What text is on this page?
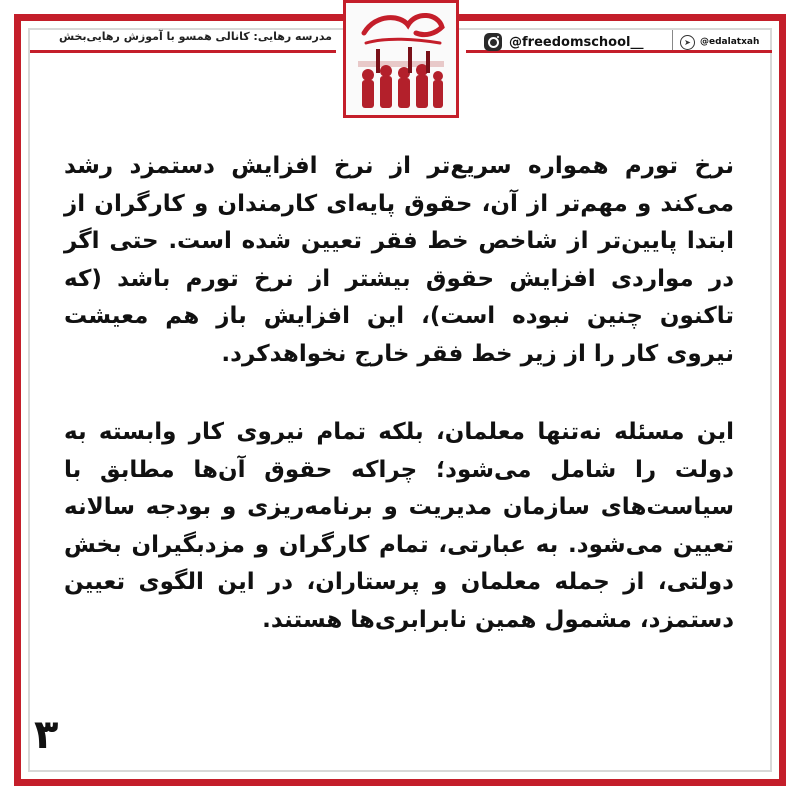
مدرسه رهایی: کانالی همسو با آموزش رهایی‌بخش	@freedomschool__	➤	@edalatxah

نرخ تورم همواره سریع‌تر از نرخ افزایش دستمزد رشد می‌کند و مهم‌تر از آن، حقوق پایه‌ای کارمندان و کارگران از ابتدا پایین‌تر از شاخص خط فقر تعیین شده است. حتی اگر در مواردی افزایش حقوق بیشتر از نرخ تورم باشد (که تاکنون چنین نبوده است)، این افزایش باز هم معیشت نیروی کار را از زیر خط فقر خارج نخواهد‌کرد.

این مسئله نه‌تنها معلمان، بلکه تمام نیروی کار وابسته به دولت را شامل می‌شود؛ چراکه حقوق آن‌ها مطابق با سیاست‌های سازمان مدیریت و برنامه‌ریزی و بودجه سالانه تعیین می‌شود. به عبارتی، تمام کارگران و مزدبگیران بخش دولتی، از جمله معلمان و پرستاران، در این الگوی تعیین دستمزد، مشمول همین نابرابری‌ها هستند.

۳
